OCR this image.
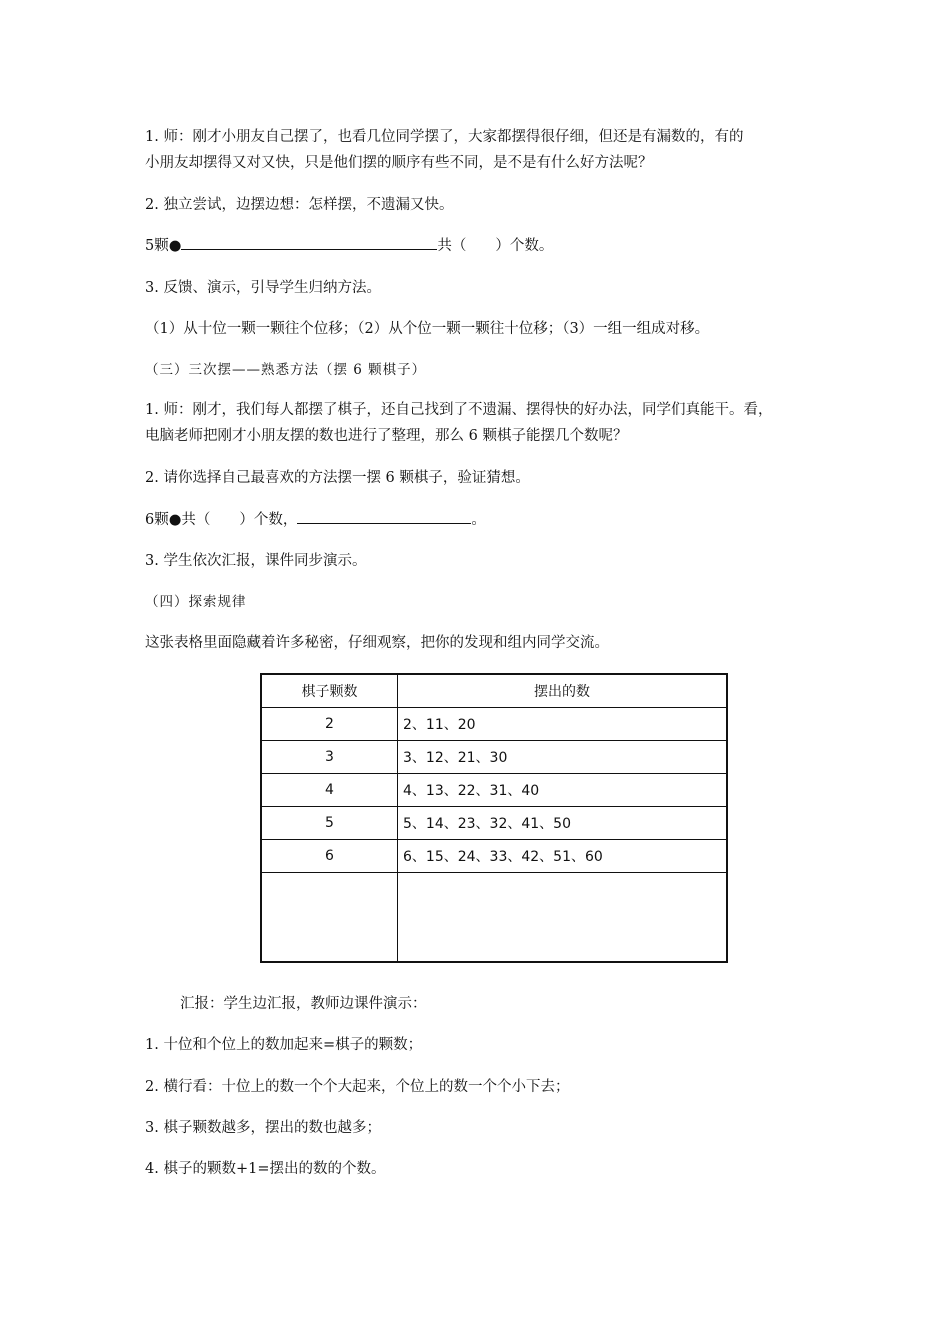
1. 师：刚才小朋友自己摆了，也看几位同学摆了，大家都摆得很仔细，但还是有漏数的，有的
小朋友却摆得又对又快，只是他们摆的顺序有些不同，是不是有什么好方法呢？
2. 独立尝试，边摆边想：怎样摆，不遗漏又快。
5颗●	共（　　）个数。
3. 反馈、演示，引导学生归纳方法。
（1）从十位一颗一颗往个位移；（2）从个位一颗一颗往十位移；（3）一组一组成对移。
（三）三次摆——熟悉方法（摆 6 颗棋子）
1. 师：刚才，我们每人都摆了棋子，还自己找到了不遗漏、摆得快的好办法，同学们真能干。看，
电脑老师把刚才小朋友摆的数也进行了整理，那么 6 颗棋子能摆几个数呢？
2. 请你选择自己最喜欢的方法摆一摆 6 颗棋子，验证猜想。
6颗●共（　　）个数，	。
3. 学生依次汇报，课件同步演示。
（四）探索规律
这张表格里面隐藏着许多秘密，仔细观察，把你的发现和组内同学交流。
棋子颗数	摆出的数
2	2、11、20
3	3、12、21、30
4	4、13、22、31、40
5	5、14、23、32、41、50
6	6、15、24、33、42、51、60

汇报：学生边汇报，教师边课件演示：
1. 十位和个位上的数加起来=棋子的颗数；
2. 横行看：十位上的数一个个大起来，个位上的数一个个小下去；
3. 棋子颗数越多，摆出的数也越多；
4. 棋子的颗数+1=摆出的数的个数。
